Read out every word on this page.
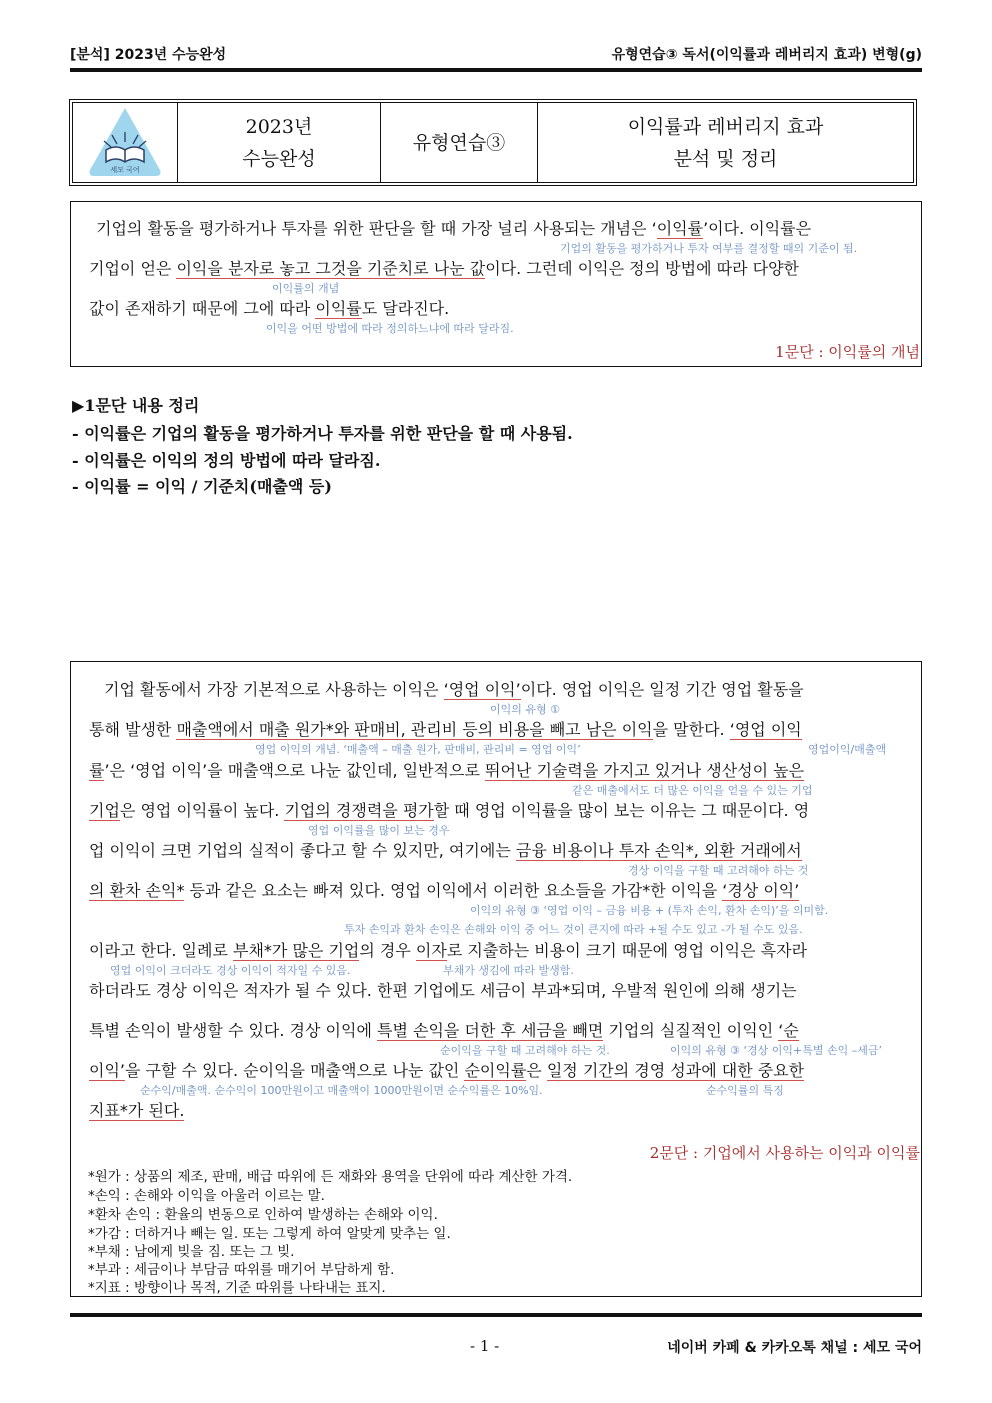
[분석] 2023년 수능완성	유형연습③ 독서(이익률과 레버리지 효과) 변형(g)
세모 국어
2023년
수능완성
유형연습③
이익률과 레버리지 효과
분석 및 정리
기업의 활동을 평가하거나 투자를 위한 판단을 할 때 가장 널리 사용되는 개념은 ‘이익률’이다. 이익률은
기업의 활동을 평가하거나 투자 여부를 결정할 때의 기준이 됨.
기업이 얻은 이익을 분자로 놓고 그것을 기준치로 나눈 값이다. 그런데 이익은 정의 방법에 따라 다양한
이익률의 개념
값이 존재하기 때문에 그에 따라 이익률도 달라진다.
이익을 어떤 방법에 따라 정의하느냐에 따라 달라짐.
1문단 : 이익률의 개념
▶1문단 내용 정리
- 이익률은 기업의 활동을 평가하거나 투자를 위한 판단을 할 때 사용됨.
- 이익률은 이익의 정의 방법에 따라 달라짐.
- 이익률 = 이익 / 기준치(매출액 등)
기업 활동에서 가장 기본적으로 사용하는 이익은 ‘영업 이익’이다. 영업 이익은 일정 기간 영업 활동을
이익의 유형 ①
통해 발생한 매출액에서 매출 원가*와 판매비, 관리비 등의 비용을 빼고 남은 이익을 말한다. ‘영업 이익
영업 이익의 개념. ‘매출액 – 매출 원가, 판매비, 관리비 = 영업 이익’	영업이익/매출액
률’은 ‘영업 이익’을 매출액으로 나눈 값인데, 일반적으로 뛰어난 기술력을 가지고 있거나 생산성이 높은
같은 매출에서도 더 많은 이익을 얻을 수 있는 기업
기업은 영업 이익률이 높다. 기업의 경쟁력을 평가할 때 영업 이익률을 많이 보는 이유는 그 때문이다. 영
영업 이익률을 많이 보는 경우
업 이익이 크면 기업의 실적이 좋다고 할 수 있지만, 여기에는 금융 비용이나 투자 손익*, 외환 거래에서
경상 이익을 구할 때 고려해야 하는 것
의 환차 손익* 등과 같은 요소는 빠져 있다. 영업 이익에서 이러한 요소들을 가감*한 이익을 ‘경상 이익’
이익의 유형 ③ ‘영업 이익 – 금융 비용 + (투자 손익, 환차 손익)’을 의미함.
투자 손익과 환차 손익은 손해와 이익 중 어느 것이 큰지에 따라 +될 수도 있고 -가 될 수도 있음.
이라고 한다. 일례로 부채*가 많은 기업의 경우 이자로 지출하는 비용이 크기 때문에 영업 이익은 흑자라
영업 이익이 크더라도 경상 이익이 적자일 수 있음.	부채가 생김에 따라 발생함.
하더라도 경상 이익은 적자가 될 수 있다. 한편 기업에도 세금이 부과*되며, 우발적 원인에 의해 생기는
특별 손익이 발생할 수 있다. 경상 이익에 특별 손익을 더한 후 세금을 빼면 기업의 실질적인 이익인 ‘순
순이익을 구할 때 고려해야 하는 것.	이익의 유형 ③ ‘경상 이익+특별 손익 –세금’
이익’을 구할 수 있다. 순이익을 매출액으로 나눈 값인 순이익률은 일정 기간의 경영 성과에 대한 중요한
순수익/매출액. 순수익이 100만원이고 매출액이 1000만원이면 순수익률은 10%임.	순수익률의 특징
지표*가 된다.
2문단 : 기업에서 사용하는 이익과 이익률
*원가 : 상품의 제조, 판매, 배급 따위에 든 재화와 용역을 단위에 따라 계산한 가격.
*손익 : 손해와 이익을 아울러 이르는 말.
*환차 손익 : 환율의 변동으로 인하여 발생하는 손해와 이익.
*가감 : 더하거나 빼는 일. 또는 그렇게 하여 알맞게 맞추는 일.
*부채 : 남에게 빚을 짐. 또는 그 빚.
*부과 : 세금이나 부담금 따위를 매기어 부담하게 함.
*지표 : 방향이나 목적, 기준 따위를 나타내는 표지.
- 1 -	네이버 카페 & 카카오톡 채널 : 세모 국어
